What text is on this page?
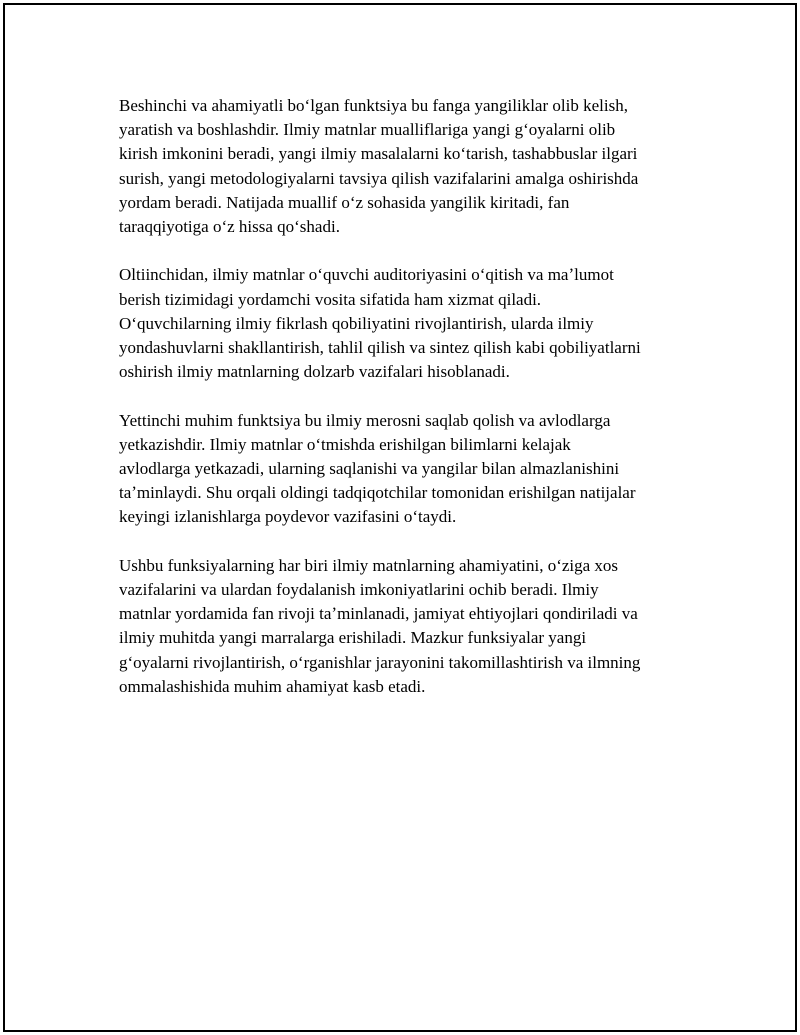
Beshinchi va ahamiyatli boʻlgan funktsiya bu fanga yangiliklar olib kelish,
yaratish va boshlashdir. Ilmiy matnlar mualliflariga yangi gʻoyalarni olib
kirish imkonini beradi, yangi ilmiy masalalarni koʻtarish, tashabbuslar ilgari
surish, yangi metodologiyalarni tavsiya qilish vazifalarini amalga oshirishda
yordam beradi. Natijada muallif oʻz sohasida yangilik kiritadi, fan
taraqqiyotiga oʻz hissa qoʻshadi.

Oltiinchidan, ilmiy matnlar oʻquvchi auditoriyasini oʻqitish va maʼlumot
berish tizimidagi yordamchi vosita sifatida ham xizmat qiladi.
Oʻquvchilarning ilmiy fikrlash qobiliyatini rivojlantirish, ularda ilmiy
yondashuvlarni shakllantirish, tahlil qilish va sintez qilish kabi qobiliyatlarni
oshirish ilmiy matnlarning dolzarb vazifalari hisoblanadi.

Yettinchi muhim funktsiya bu ilmiy merosni saqlab qolish va avlodlarga
yetkazishdir. Ilmiy matnlar oʻtmishda erishilgan bilimlarni kelajak
avlodlarga yetkazadi, ularning saqlanishi va yangilar bilan almazlanishini
taʼminlaydi. Shu orqali oldingi tadqiqotchilar tomonidan erishilgan natijalar
keyingi izlanishlarga poydevor vazifasini oʻtaydi.

Ushbu funksiyalarning har biri ilmiy matnlarning ahamiyatini, oʻziga xos
vazifalarini va ulardan foydalanish imkoniyatlarini ochib beradi. Ilmiy
matnlar yordamida fan rivoji taʼminlanadi, jamiyat ehtiyojlari qondiriladi va
ilmiy muhitda yangi marralarga erishiladi. Mazkur funksiyalar yangi
gʻoyalarni rivojlantirish, oʻrganishlar jarayonini takomillashtirish va ilmning
ommalashishida muhim ahamiyat kasb etadi.
